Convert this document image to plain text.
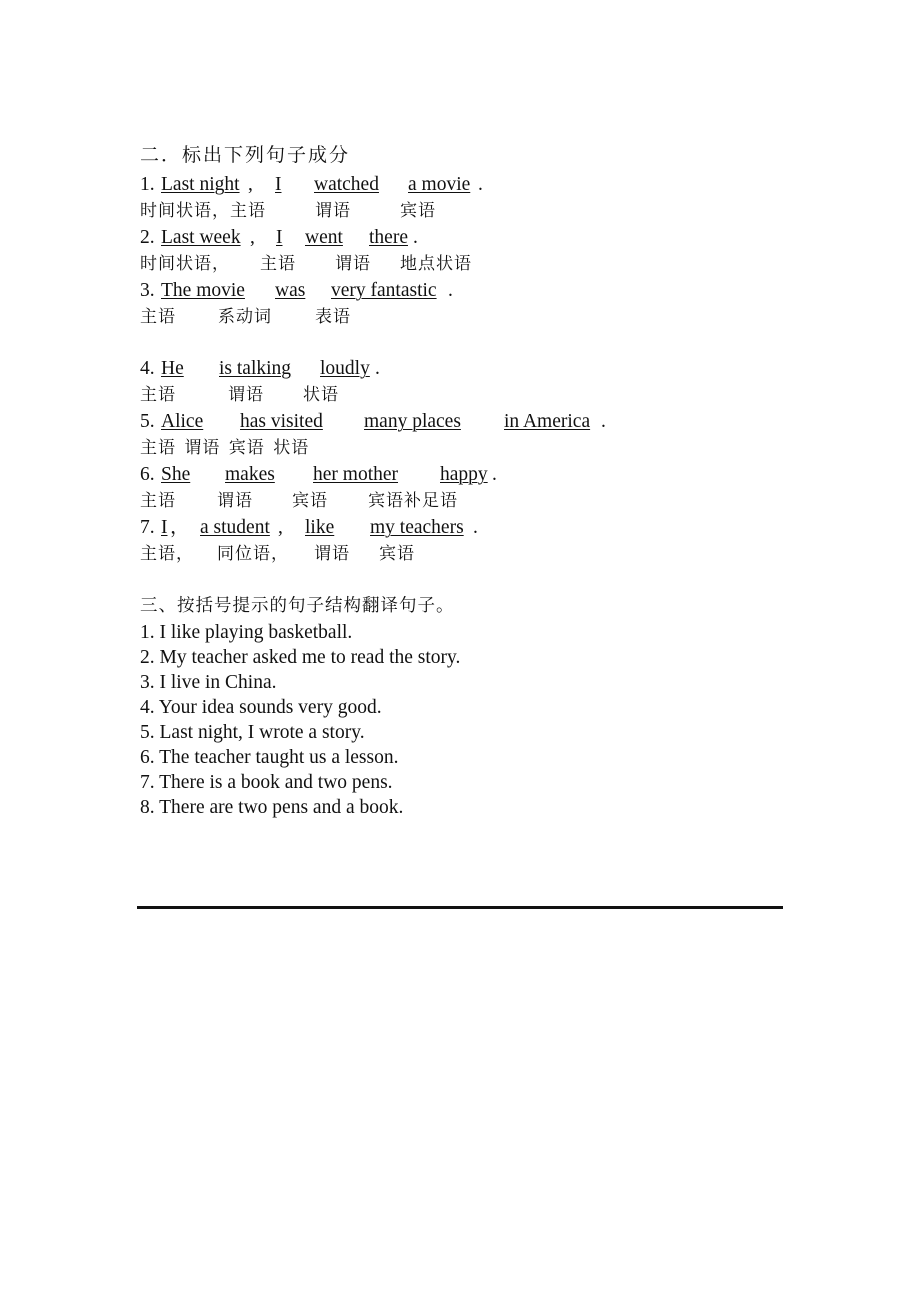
二．标出下列句子成分
1. Last night , I watched a movie .
时间状语，主语	谓语	宾语
2. Last week , I went there .
时间状语， 主语 谓语 地点状语
3. The movie was very fantastic .
主语 系动词	表语
4. He is talking loudly .
主语	谓语 状语
5. Alice has visited many places in America .
主语 谓语 宾语 状语
6. She makes her mother happy .
主语 谓语 宾语 宾语补足语
7. I ， a student , like my teachers .
主语， 同位语， 谓语 宾语
三、按括号提示的句子结构翻译句子。
1. I like playing basketball.
2. My teacher asked me to read the story.
3. I live in China.
4. Your idea sounds very good.
5. Last night, I wrote a story.
6. The teacher taught us a lesson.
7. There is a book and two pens.
8. There are two pens and a book.
